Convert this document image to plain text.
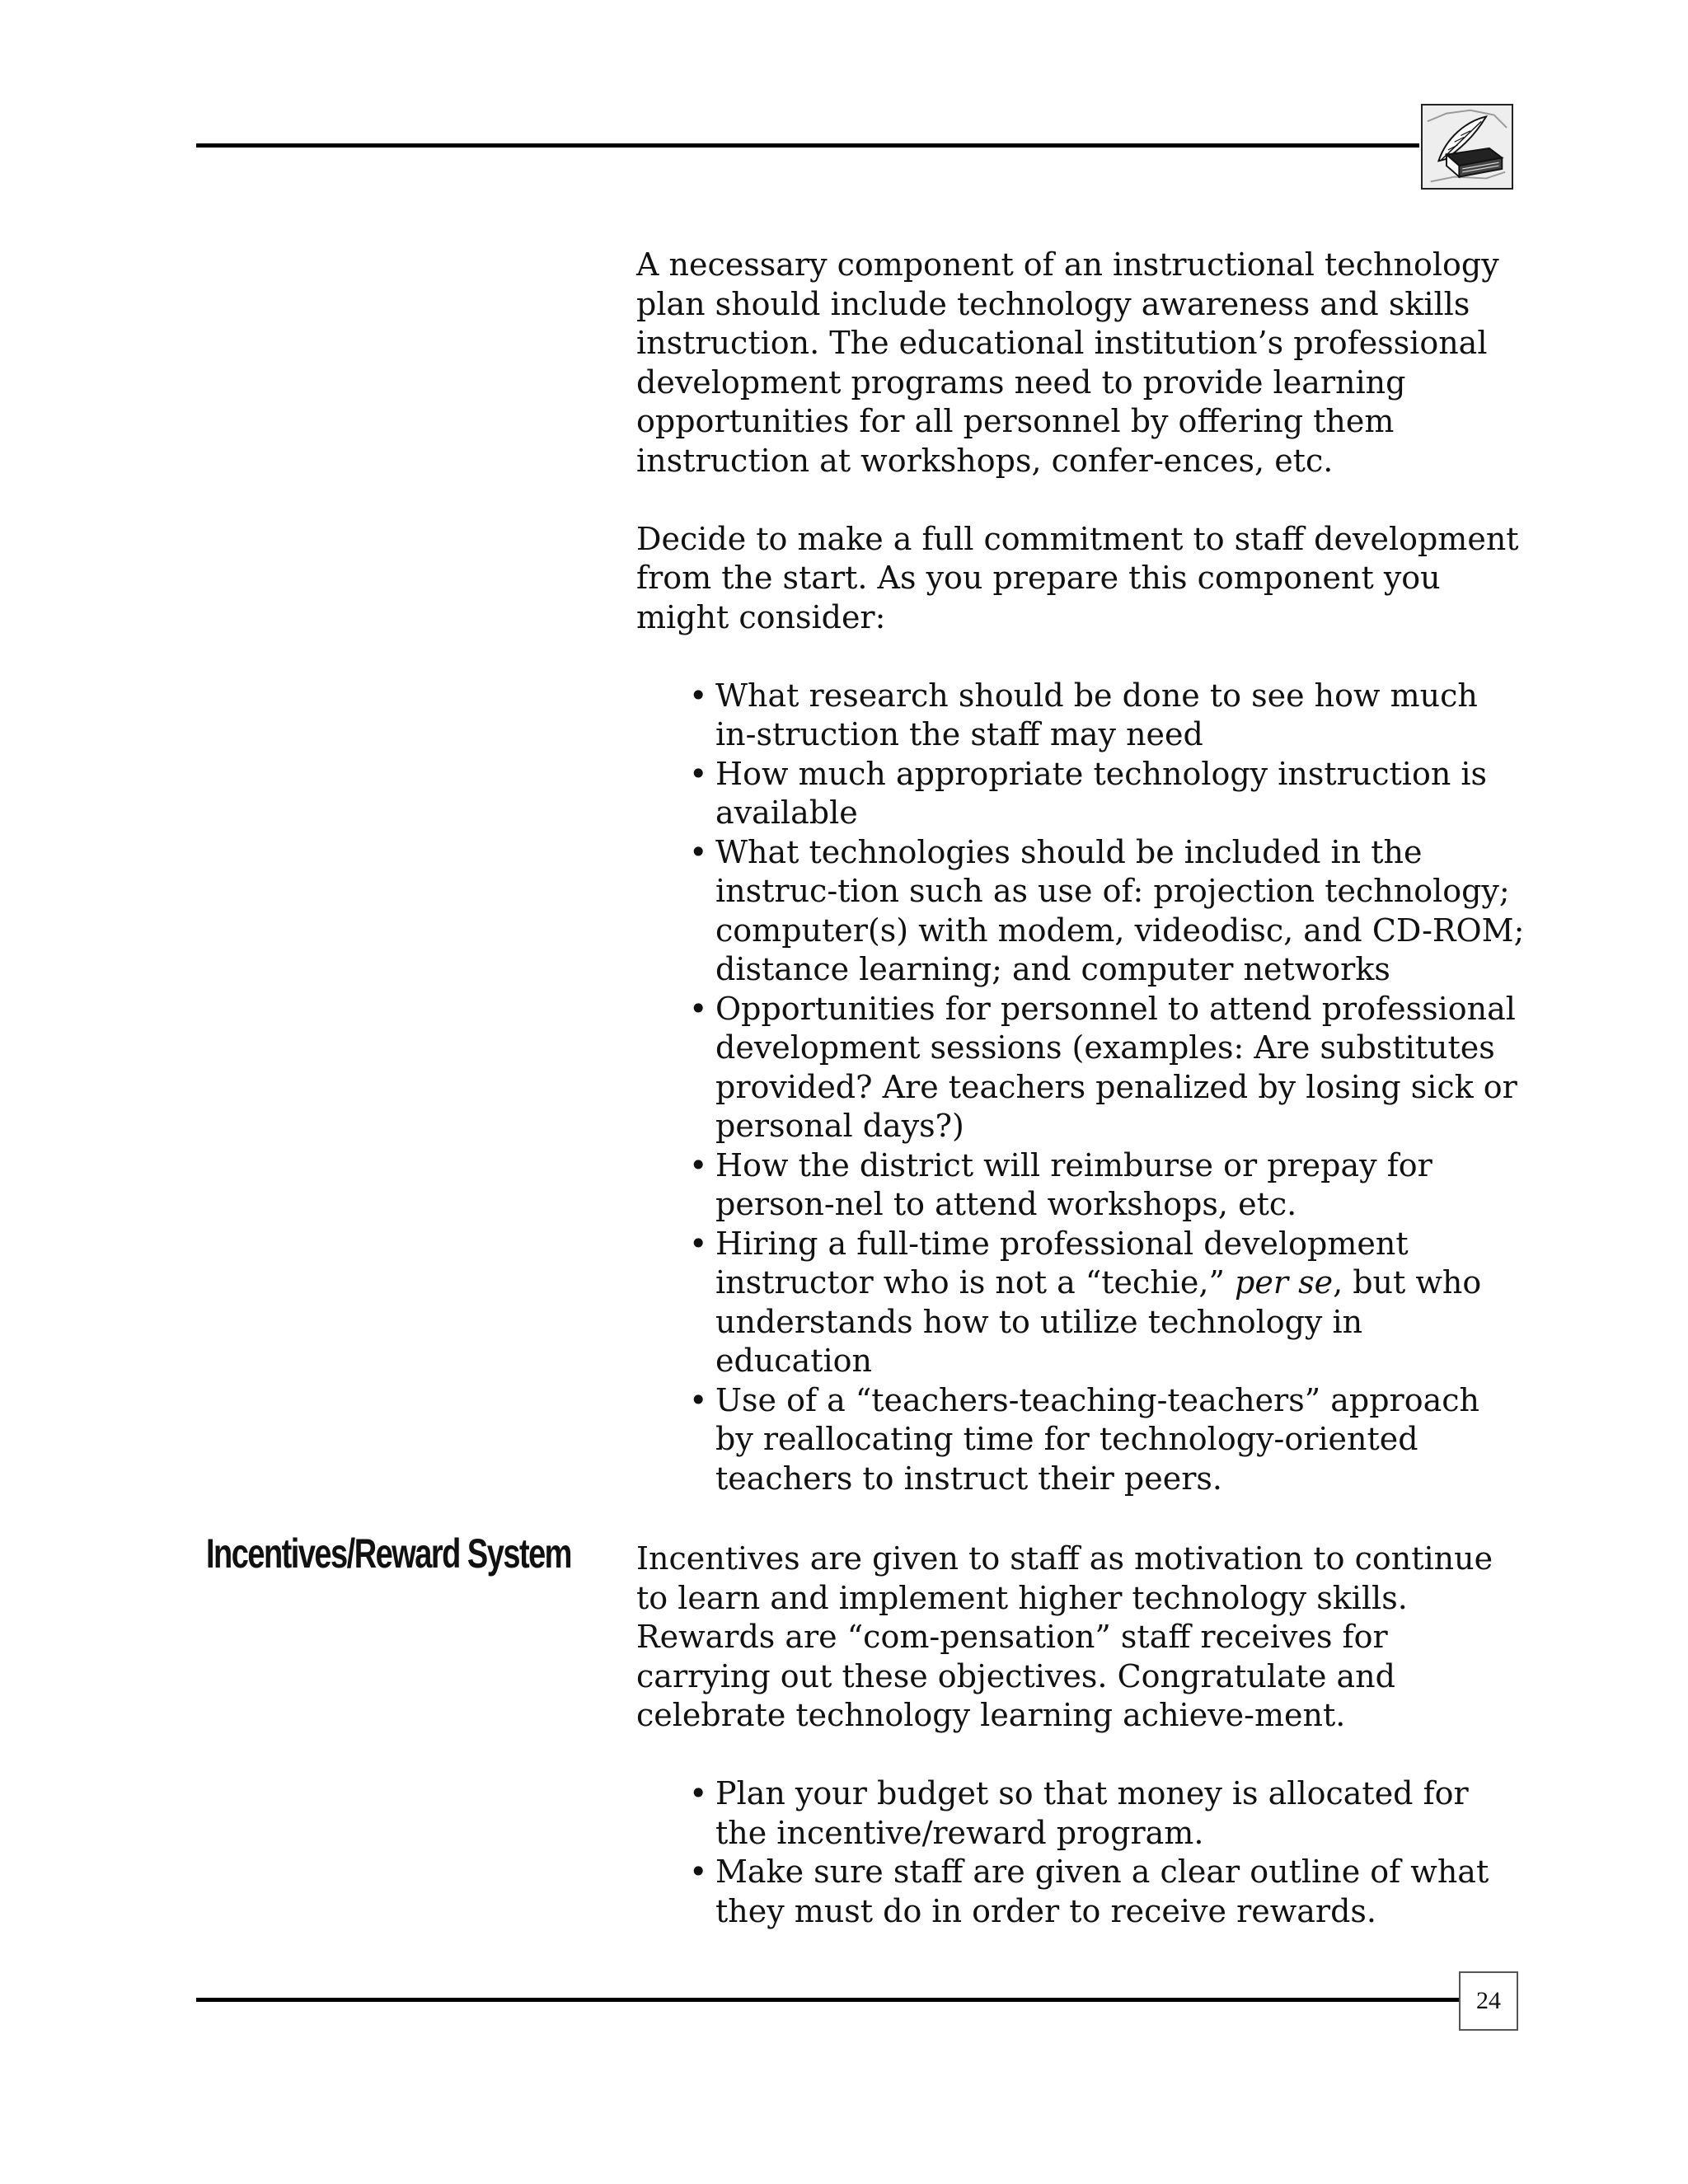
A necessary component of an instructional technology plan should include technology awareness and skills instruction. The educational institution’s professional development programs need to provide learning opportunities for all personnel by offering them instruction at workshops, confer-ences, etc.

Decide to make a full commitment to staff development from the start. As you prepare this component you might consider:

• What research should be done to see how much in-struction the staff may need
• How much appropriate technology instruction is available
• What technologies should be included in the instruc-tion such as use of: projection technology; computer(s) with modem, videodisc, and CD-ROM; distance learning; and computer networks
• Opportunities for personnel to attend professional development sessions (examples: Are substitutes provided? Are teachers penalized by losing sick or personal days?)
• How the district will reimburse or prepay for person-nel to attend workshops, etc.
• Hiring a full-time professional development instructor who is not a “techie,” per se, but who understands how to utilize technology in education
• Use of a “teachers-teaching-teachers” approach by reallocating time for technology-oriented teachers to instruct their peers.
Incentives/Reward System Incentives are given to staff as motivation to continue to learn and implement higher technology skills. Rewards are “com-pensation” staff receives for carrying out these objectives. Congratulate and celebrate technology learning achieve-ment.

• Plan your budget so that money is allocated for the incentive/reward program.
• Make sure staff are given a clear outline of what they must do in order to receive rewards.
24
